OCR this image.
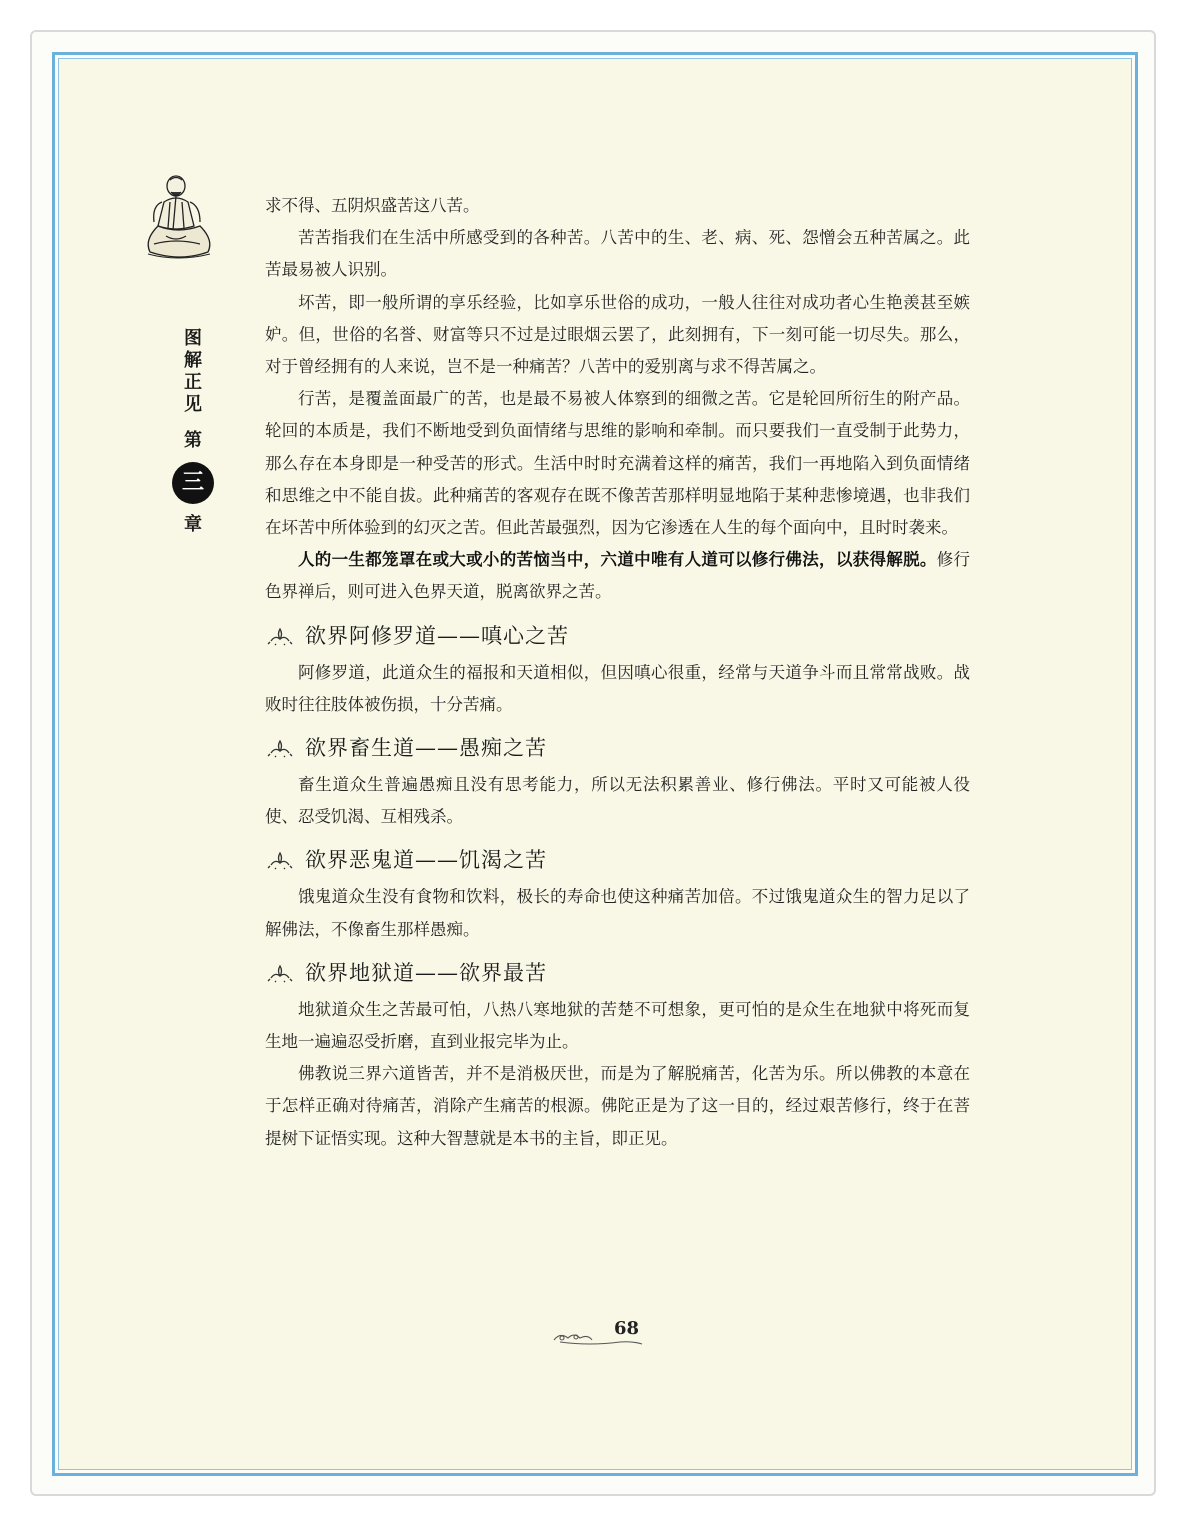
图
解
正
见
第
三
章

求不得、五阴炽盛苦这八苦。

苦苦指我们在生活中所感受到的各种苦。八苦中的生、老、病、死、怨憎会五种苦属之。此苦最易被人识别。

坏苦，即一般所谓的享乐经验，比如享乐世俗的成功，一般人往往对成功者心生艳羡甚至嫉妒。但，世俗的名誉、财富等只不过是过眼烟云罢了，此刻拥有，下一刻可能一切尽失。那么，对于曾经拥有的人来说，岂不是一种痛苦？八苦中的爱别离与求不得苦属之。

行苦，是覆盖面最广的苦，也是最不易被人体察到的细微之苦。它是轮回所衍生的附产品。轮回的本质是，我们不断地受到负面情绪与思维的影响和牵制。而只要我们一直受制于此势力，那么存在本身即是一种受苦的形式。生活中时时充满着这样的痛苦，我们一再地陷入到负面情绪和思维之中不能自拔。此种痛苦的客观存在既不像苦苦那样明显地陷于某种悲惨境遇，也非我们在坏苦中所体验到的幻灭之苦。但此苦最强烈，因为它渗透在人生的每个面向中，且时时袭来。

人的一生都笼罩在或大或小的苦恼当中，六道中唯有人道可以修行佛法，以获得解脱。修行色界禅后，则可进入色界天道，脱离欲界之苦。

欲界阿修罗道——嗔心之苦

阿修罗道，此道众生的福报和天道相似，但因嗔心很重，经常与天道争斗而且常常战败。战败时往往肢体被伤损，十分苦痛。

欲界畜生道——愚痴之苦

畜生道众生普遍愚痴且没有思考能力，所以无法积累善业、修行佛法。平时又可能被人役使、忍受饥渴、互相残杀。

欲界恶鬼道——饥渴之苦

饿鬼道众生没有食物和饮料，极长的寿命也使这种痛苦加倍。不过饿鬼道众生的智力足以了解佛法，不像畜生那样愚痴。

欲界地狱道——欲界最苦

地狱道众生之苦最可怕，八热八寒地狱的苦楚不可想象，更可怕的是众生在地狱中将死而复生地一遍遍忍受折磨，直到业报完毕为止。

佛教说三界六道皆苦，并不是消极厌世，而是为了解脱痛苦，化苦为乐。所以佛教的本意在于怎样正确对待痛苦，消除产生痛苦的根源。佛陀正是为了这一目的，经过艰苦修行，终于在菩提树下证悟实现。这种大智慧就是本书的主旨，即正见。

68
